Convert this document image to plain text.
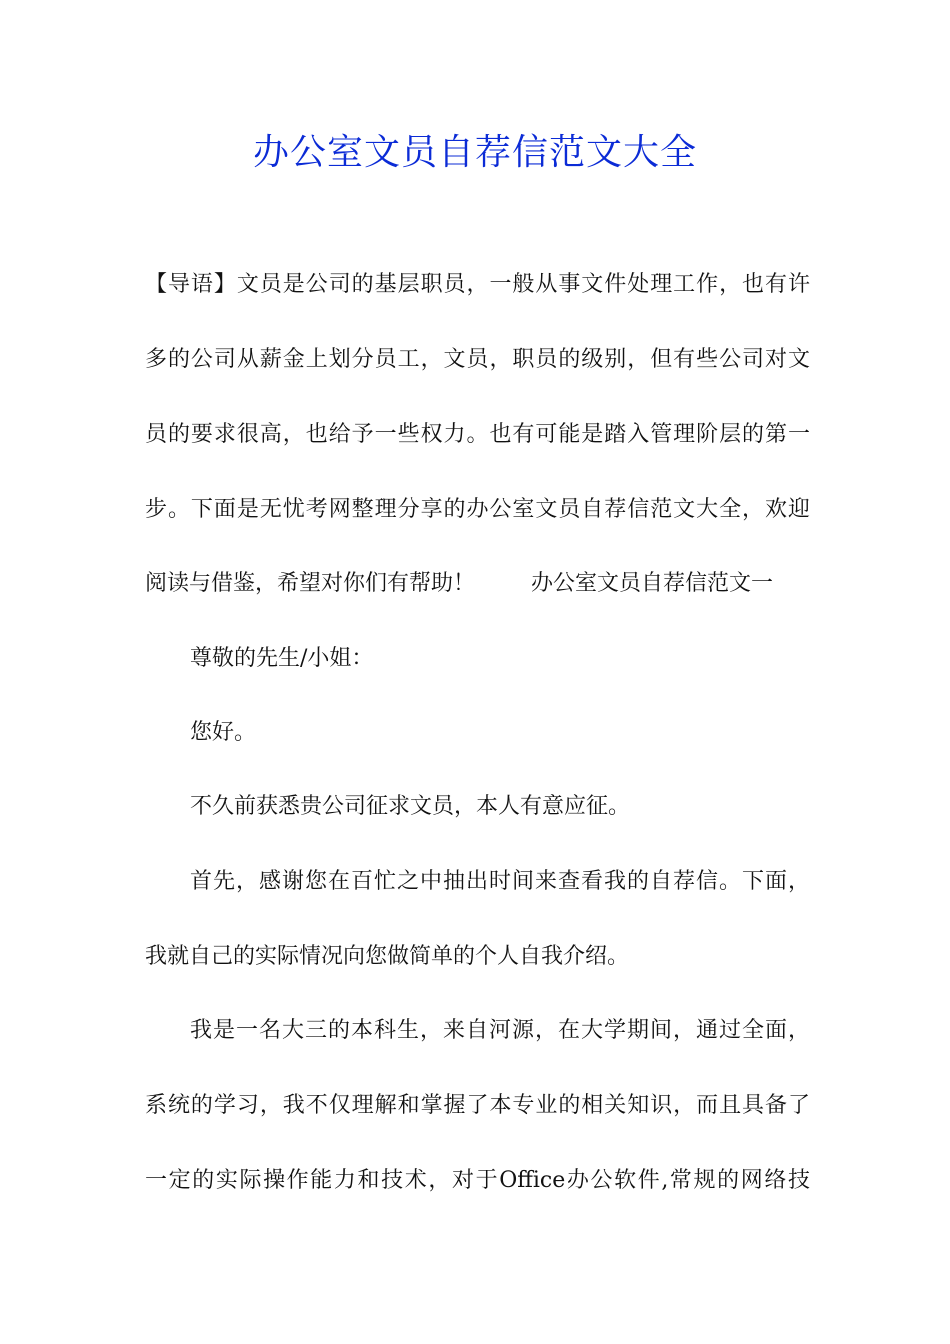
办公室文员自荐信范文大全
【导语】文员是公司的基层职员，一般从事文件处理工作，也有许
多的公司从薪金上划分员工，文员，职员的级别，但有些公司对文
员的要求很高，也给予一些权力。也有可能是踏入管理阶层的第一
步。下面是无忧考网整理分享的办公室文员自荐信范文大全，欢迎
阅读与借鉴，希望对你们有帮助！	办公室文员自荐信范文一
尊敬的先生/小姐：
您好。
不久前获悉贵公司征求文员，本人有意应征。
首先，感谢您在百忙之中抽出时间来查看我的自荐信。下面，
我就自己的实际情况向您做简单的个人自我介绍。
我是一名大三的本科生，来自河源，在大学期间，通过全面，
系统的学习，我不仅理解和掌握了本专业的相关知识，而且具备了
一定的实际操作能力和技术，对于Office办公软件,常规的网络技
